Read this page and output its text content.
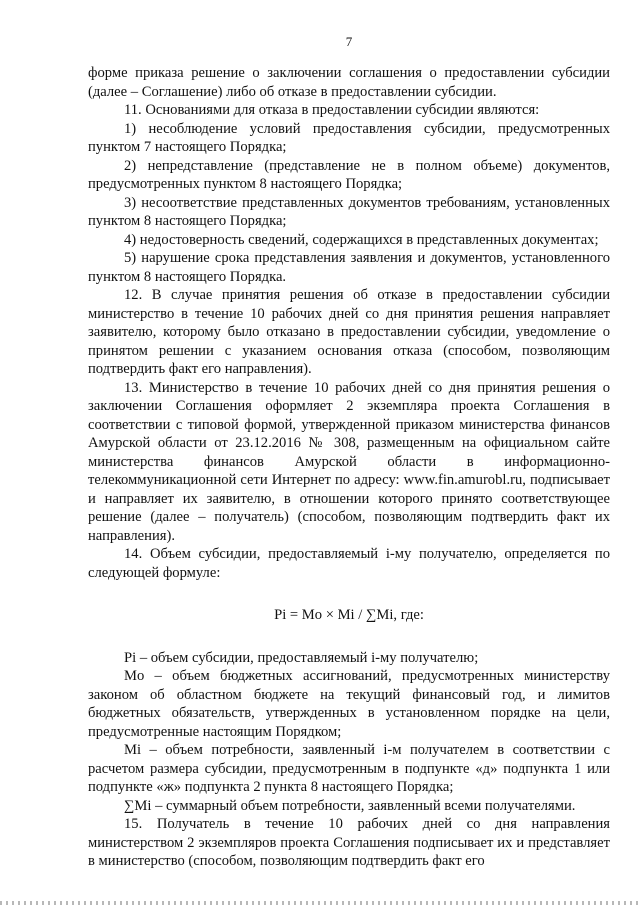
7

форме приказа решение о заключении соглашения о предоставлении субсидии (далее – Соглашение) либо об отказе в предоставлении субсидии.

11. Основаниями для отказа в предоставлении субсидии являются:

1) несоблюдение условий предоставления субсидии, предусмотренных пунктом 7 настоящего Порядка;

2) непредставление (представление не в полном объеме) документов, предусмотренных пунктом 8 настоящего Порядка;

3) несоответствие представленных документов требованиям, установленных пунктом 8 настоящего Порядка;

4) недостоверность сведений, содержащихся в представленных документах;

5) нарушение срока представления заявления и документов, установленного пунктом 8 настоящего Порядка.

12. В случае принятия решения об отказе в предоставлении субсидии министерство в течение 10 рабочих дней со дня принятия решения направляет заявителю, которому было отказано в предоставлении субсидии, уведомление о принятом решении с указанием основания отказа (способом, позволяющим подтвердить факт его направления).

13. Министерство в течение 10 рабочих дней со дня принятия решения о заключении Соглашения оформляет 2 экземпляра проекта Соглашения в соответствии с типовой формой, утвержденной приказом министерства финансов Амурской области от 23.12.2016 № 308, размещенным на официальном сайте министерства финансов Амурской области в информационно-телекоммуникационной сети Интернет по адресу: www.fin.amurobl.ru, подписывает и направляет их заявителю, в отношении которого принято соответствующее решение (далее – получатель) (способом, позволяющим подтвердить факт их направления).

14. Объем субсидии, предоставляемый i-му получателю, определяется по следующей формуле:

Pi = Mo × Mi / ∑Mi, где:

Pi – объем субсидии, предоставляемый i-му получателю;

Mo – объем бюджетных ассигнований, предусмотренных министерству законом об областном бюджете на текущий финансовый год, и лимитов бюджетных обязательств, утвержденных в установленном порядке на цели, предусмотренные настоящим Порядком;

Mi – объем потребности, заявленный i-м получателем в соответствии с расчетом размера субсидии, предусмотренным в подпункте «д» подпункта 1 или подпункте «ж» подпункта 2 пункта 8 настоящего Порядка;

∑Mi – суммарный объем потребности, заявленный всеми получателями.

15. Получатель в течение 10 рабочих дней со дня направления министерством 2 экземпляров проекта Соглашения подписывает их и представляет в министерство (способом, позволяющим подтвердить факт его
